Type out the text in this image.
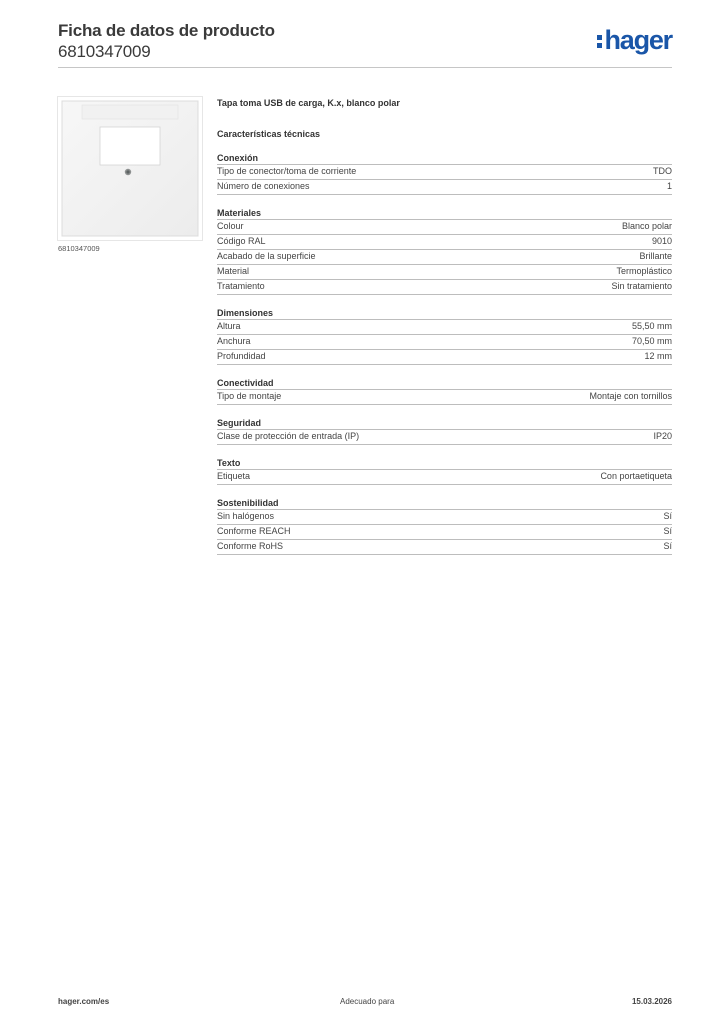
Ficha de datos de producto
6810347009	hager
6810347009
Tapa toma USB de carga, K.x, blanco polar
Características técnicas
Conexión
Tipo de conector/toma de corriente	TDO
Número de conexiones	1
Materiales
Colour	Blanco polar
Código RAL	9010
Acabado de la superficie	Brillante
Material	Termoplástico
Tratamiento	Sin tratamiento
Dimensiones
Altura	55,50 mm
Anchura	70,50 mm
Profundidad	12 mm
Conectividad
Tipo de montaje	Montaje con tornillos
Seguridad
Clase de protección de entrada (IP)	IP20
Texto
Etiqueta	Con portaetiqueta
Sostenibilidad
Sin halógenos	Sí
Conforme REACH	Sí
Conforme RoHS	Sí
hager.com/es	Adecuado para	15.03.2026
